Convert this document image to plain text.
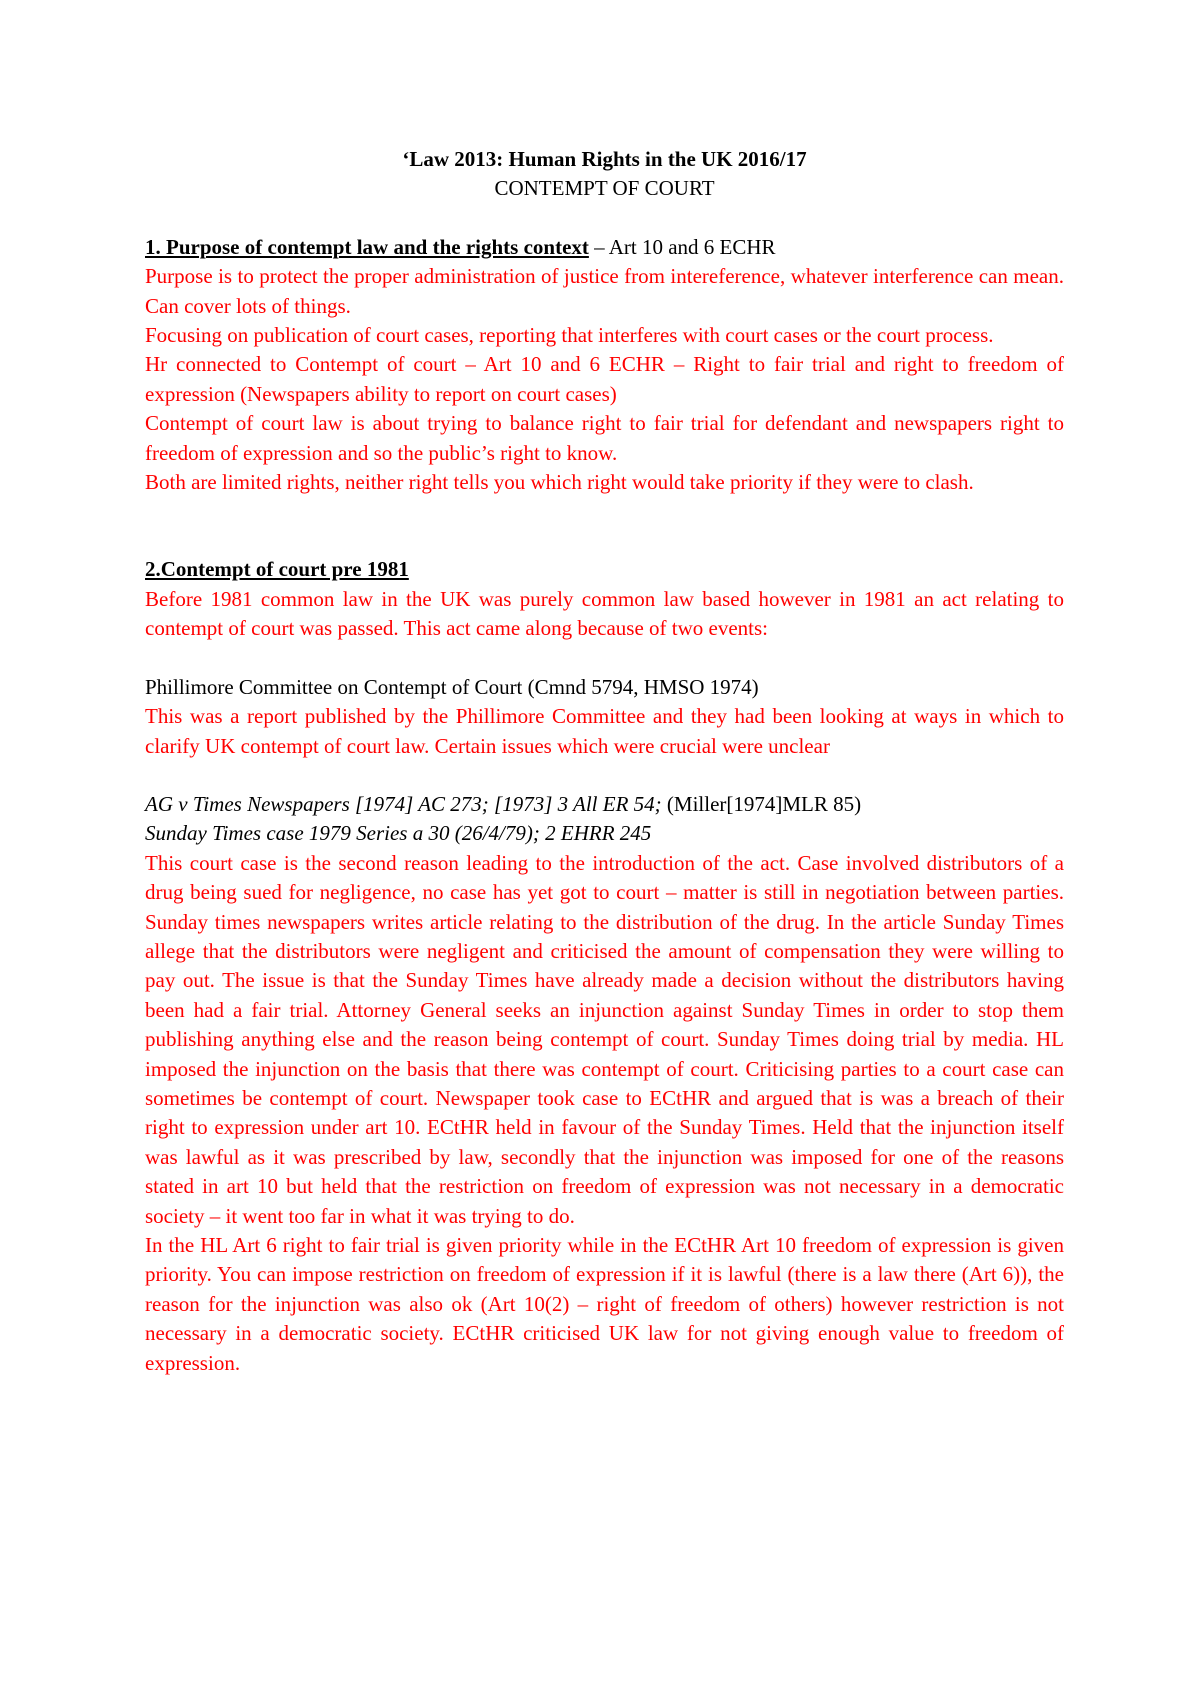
‘Law 2013: Human Rights in the UK 2016/17

CONTEMPT OF COURT

1. Purpose of contempt law and the rights context – Art 10 and 6 ECHR

Purpose is to protect the proper administration of justice from intereference, whatever interference can mean. Can cover lots of things.

Focusing on publication of court cases, reporting that interferes with court cases or the court process.

Hr connected to Contempt of court – Art 10 and 6 ECHR – Right to fair trial and right to freedom of expression (Newspapers ability to report on court cases)

Contempt of court law is about trying to balance right to fair trial for defendant and newspapers right to freedom of expression and so the public’s right to know.

Both are limited rights, neither right tells you which right would take priority if they were to clash.

2.Contempt of court pre 1981

Before 1981 common law in the UK was purely common law based however in 1981 an act relating to contempt of court was passed. This act came along because of two events:

Phillimore Committee on Contempt of Court (Cmnd 5794, HMSO 1974)

This was a report published by the Phillimore Committee and they had been looking at ways in which to clarify UK contempt of court law. Certain issues which were crucial were unclear

AG v Times Newspapers [1974] AC 273; [1973] 3 All ER 54; (Miller[1974]MLR 85)

Sunday Times case 1979 Series a 30 (26/4/79); 2 EHRR 245

This court case is the second reason leading to the introduction of the act. Case involved distributors of a drug being sued for negligence, no case has yet got to court – matter is still in negotiation between parties. Sunday times newspapers writes article relating to the distribution of the drug. In the article Sunday Times allege that the distributors were negligent and criticised the amount of compensation they were willing to pay out. The issue is that the Sunday Times have already made a decision without the distributors having been had a fair trial. Attorney General seeks an injunction against Sunday Times in order to stop them publishing anything else and the reason being contempt of court. Sunday Times doing trial by media. HL imposed the injunction on the basis that there was contempt of court. Criticising parties to a court case can sometimes be contempt of court. Newspaper took case to ECtHR and argued that is was a breach of their right to expression under art 10. ECtHR held in favour of the Sunday Times. Held that the injunction itself was lawful as it was prescribed by law, secondly that the injunction was imposed for one of the reasons stated in art 10 but held that the restriction on freedom of expression was not necessary in a democratic society – it went too far in what it was trying to do.

In the HL Art 6 right to fair trial is given priority while in the ECtHR Art 10 freedom of expression is given priority. You can impose restriction on freedom of expression if it is lawful (there is a law there (Art 6)), the reason for the injunction was also ok (Art 10(2) – right of freedom of others) however restriction is not necessary in a democratic society. ECtHR criticised UK law for not giving enough value to freedom of expression.
